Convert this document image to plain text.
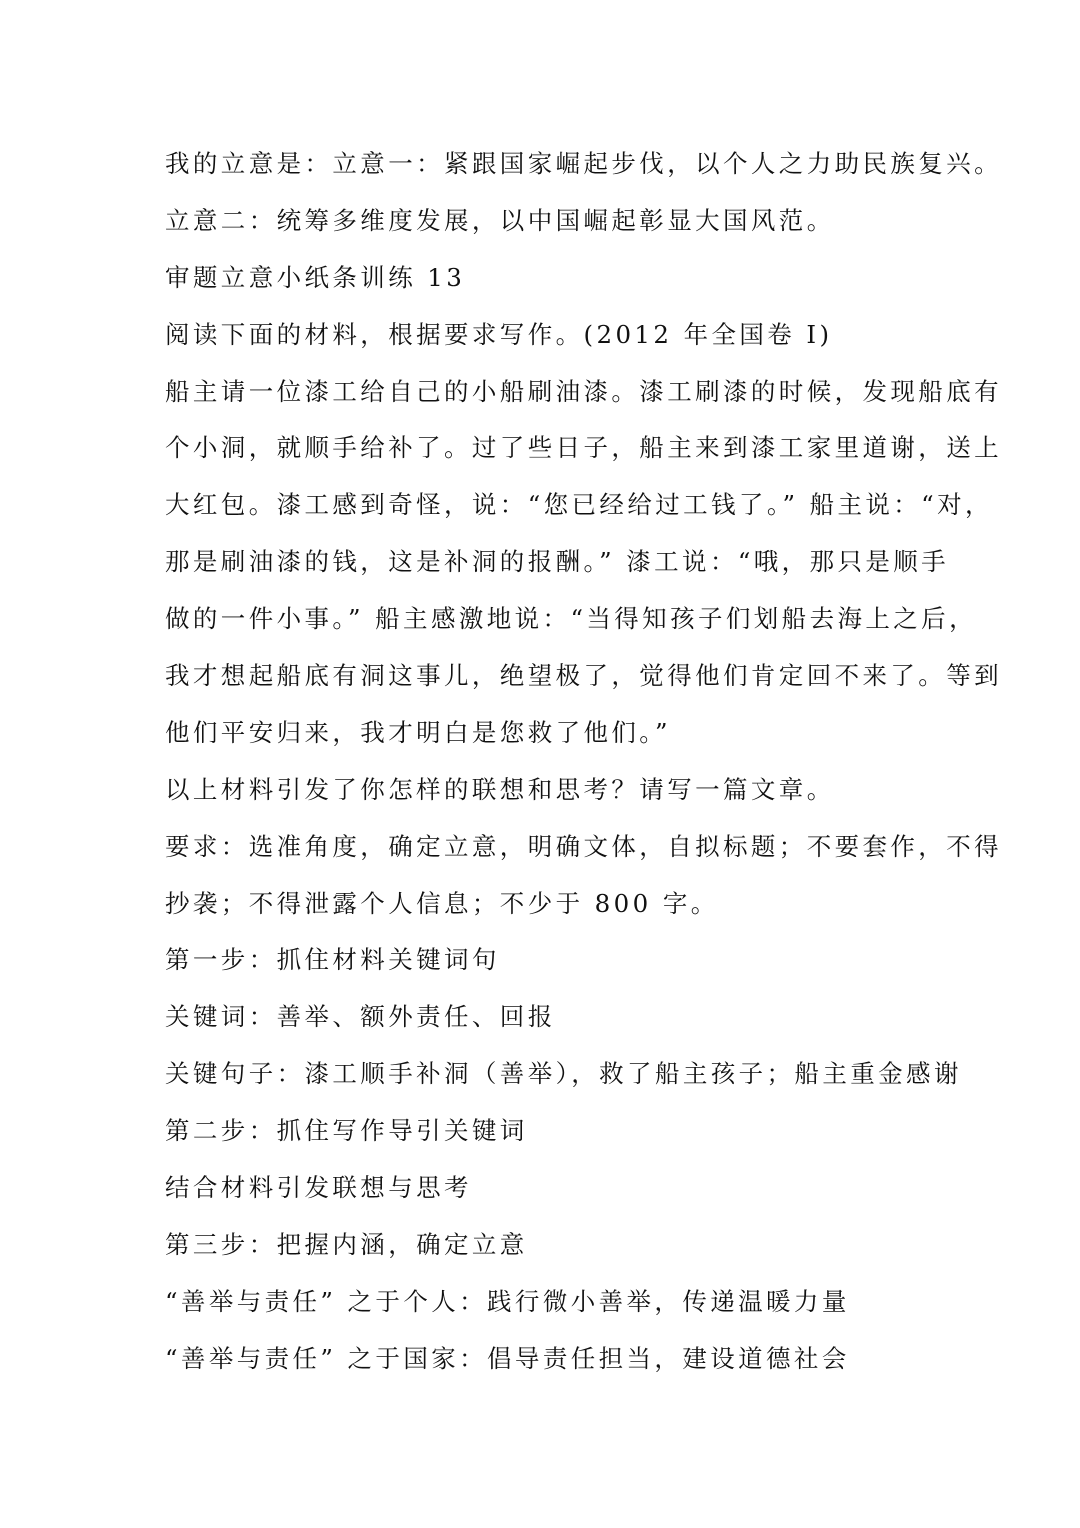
我的立意是：立意一：紧跟国家崛起步伐，以个人之力助民族复兴。
立意二：统筹多维度发展，以中国崛起彰显大国风范。
审题立意小纸条训练 13
阅读下面的材料，根据要求写作。(2012 年全国卷 I)
船主请一位漆工给自己的小船刷油漆。漆工刷漆的时候，发现船底有
个小洞，就顺手给补了。过了些日子，船主来到漆工家里道谢，送上
大红包。漆工感到奇怪，说：“您已经给过工钱了。” 船主说：“对，
那是刷油漆的钱，这是补洞的报酬。” 漆工说：“哦，那只是顺手
做的一件小事。” 船主感激地说：“当得知孩子们划船去海上之后，
我才想起船底有洞这事儿，绝望极了，觉得他们肯定回不来了。等到
他们平安归来，我才明白是您救了他们。”
以上材料引发了你怎样的联想和思考？请写一篇文章。
要求：选准角度，确定立意，明确文体，自拟标题；不要套作，不得
抄袭；不得泄露个人信息；不少于 800 字。
第一步：抓住材料关键词句
关键词：善举、额外责任、回报
关键句子：漆工顺手补洞（善举），救了船主孩子；船主重金感谢
第二步：抓住写作导引关键词
结合材料引发联想与思考
第三步：把握内涵，确定立意
“善举与责任” 之于个人：践行微小善举，传递温暖力量
“善举与责任” 之于国家：倡导责任担当，建设道德社会
